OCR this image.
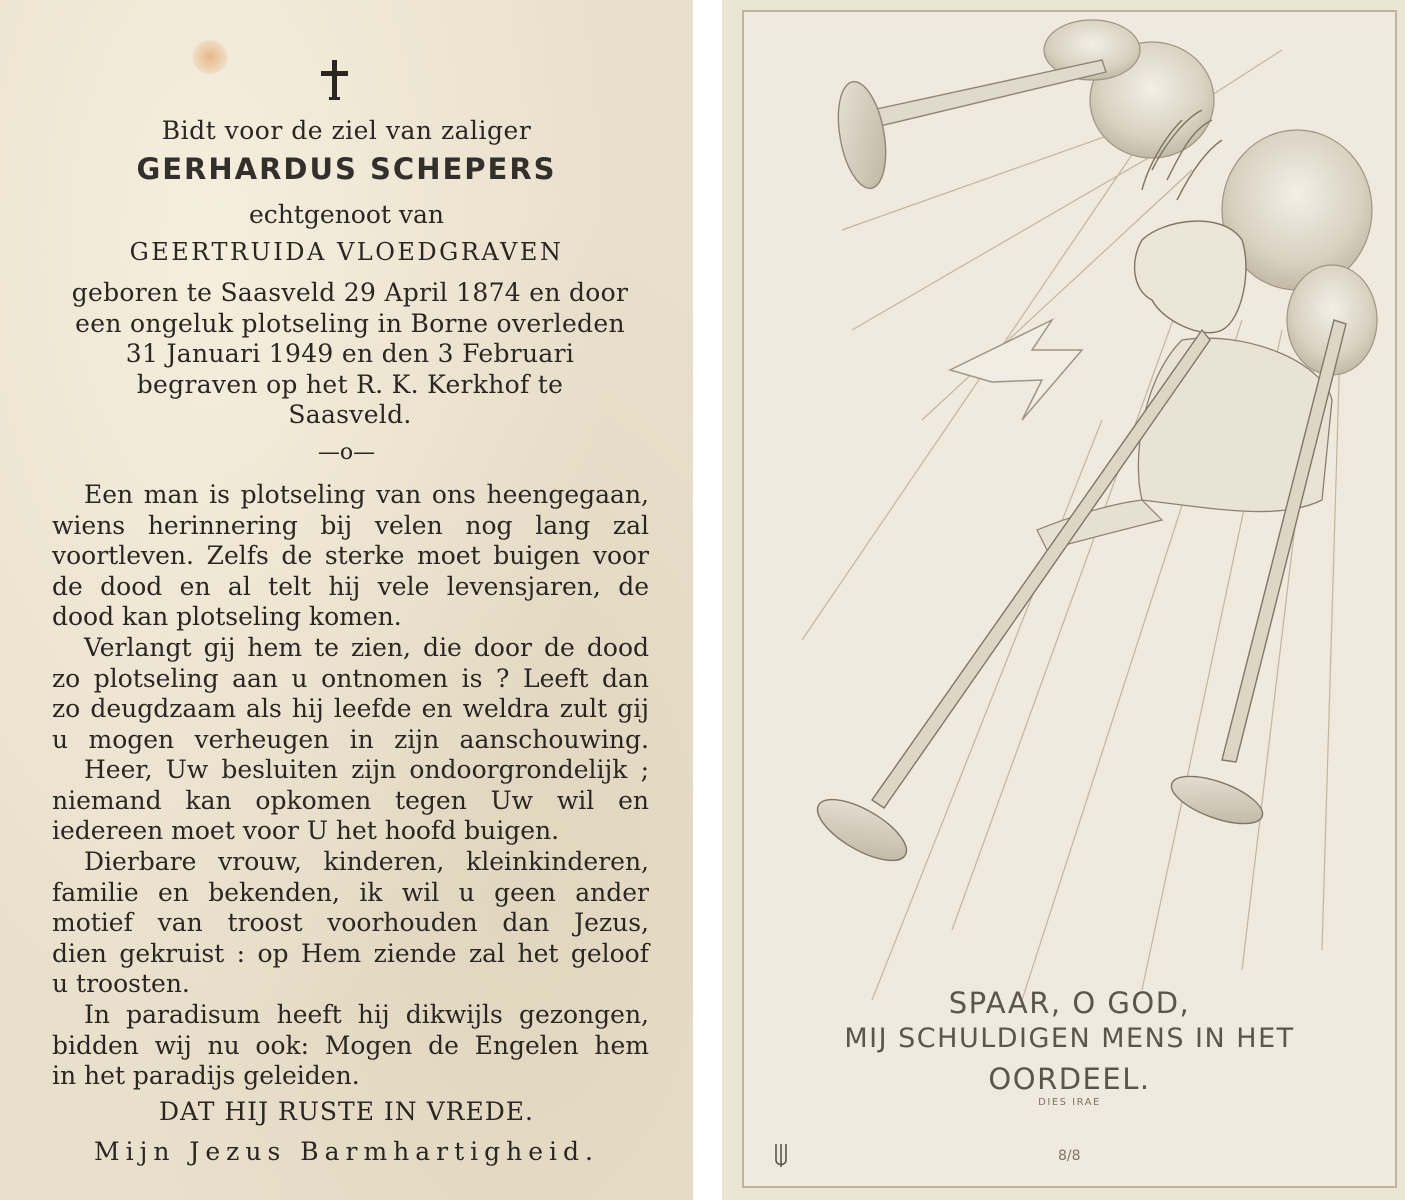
Bidt voor de ziel van zaliger
GERHARDUS SCHEPERS
echtgenoot van
GEERTRUIDA VLOEDGRAVEN
geboren te Saasveld 29 April 1874 en door
een ongeluk plotseling in Borne overleden
31 Januari 1949 en den 3 Februari
begraven op het R. K. Kerkhof te
Saasveld.
—o—
Een man is plotseling van ons heengegaan,
wiens herinnering bij velen nog lang zal
voortleven. Zelfs de sterke moet buigen voor
de dood en al telt hij vele levensjaren, de
dood kan plotseling komen.
Verlangt gij hem te zien, die door de dood
zo plotseling aan u ontnomen is ? Leeft dan
zo deugdzaam als hij leefde en weldra zult gij
u mogen verheugen in zijn aanschouwing.
Heer, Uw besluiten zijn ondoorgrondelijk ;
niemand kan opkomen tegen Uw wil en
iedereen moet voor U het hoofd buigen.
Dierbare vrouw, kinderen, kleinkinderen,
familie en bekenden, ik wil u geen ander
motief van troost voorhouden dan Jezus,
dien gekruist : op Hem ziende zal het geloof
u troosten.
In paradisum heeft hij dikwijls gezongen,
bidden wij nu ook: Mogen de Engelen hem
in het paradijs geleiden.
DAT HIJ RUSTE IN VREDE.
Mijn Jezus Barmhartigheid.
SPAAR, O GOD,
MIJ SCHULDIGEN MENS IN HET
OORDEEL.
DIES IRAE
8/8
